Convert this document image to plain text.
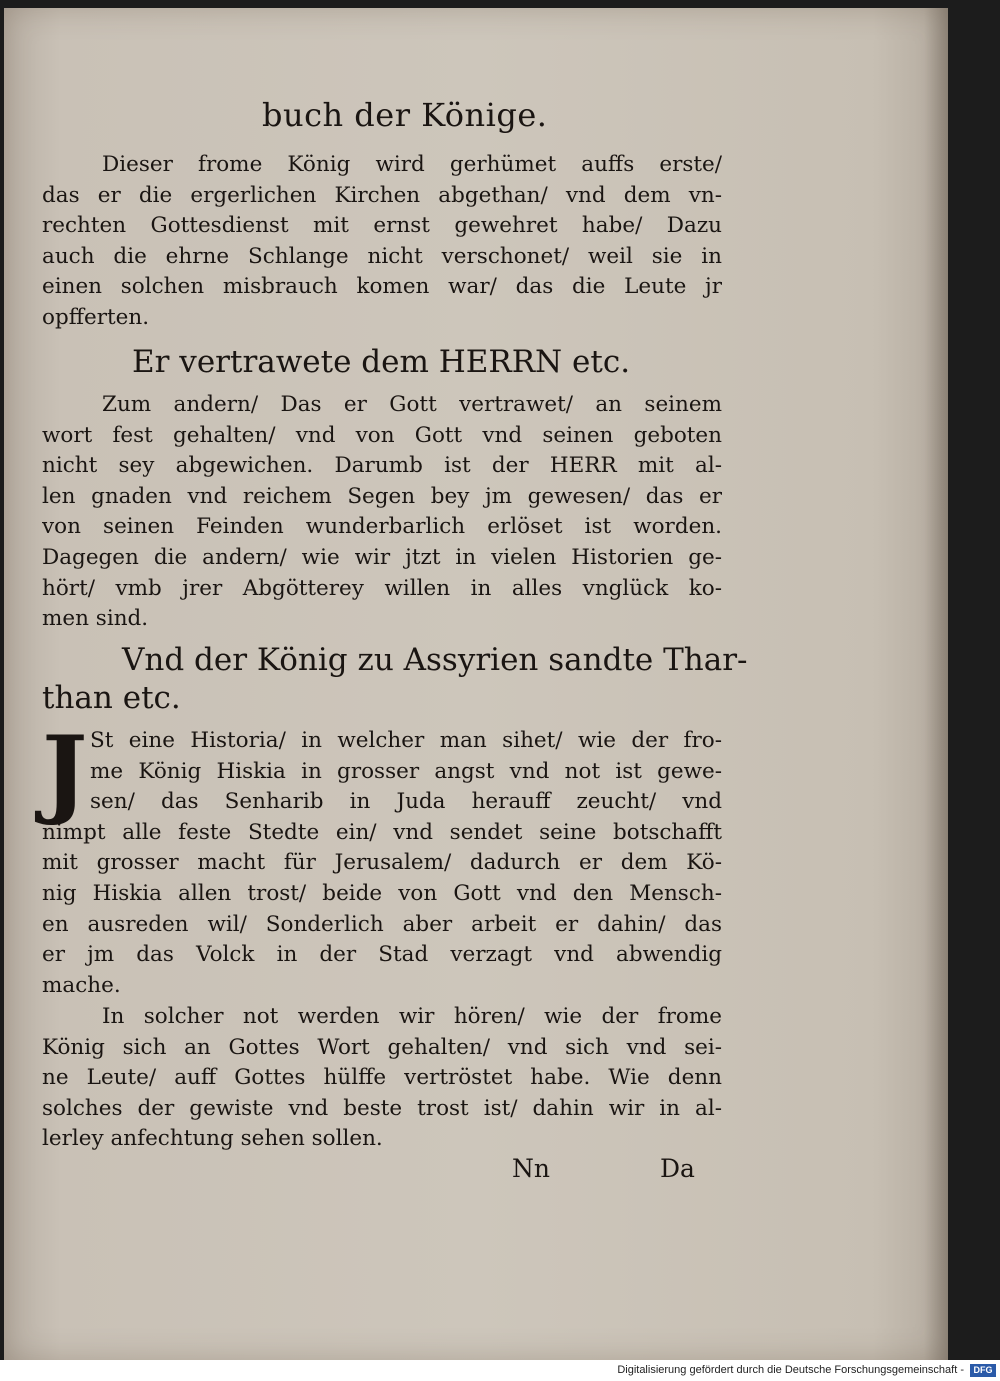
buch der Könige.

Dieser frome König wird gerhümet auffs erste/
das er die ergerlichen Kirchen abgethan/ vnd dem vn-
rechten Gottesdienst mit ernst gewehret habe/ Dazu
auch die ehrne Schlange nicht verschonet/ weil sie in
einen solchen misbrauch komen war/ das die Leute jr
opfferten.

Er vertrawete dem HERRN etc.

Zum andern/ Das er Gott vertrawet/ an seinem
wort fest gehalten/ vnd von Gott vnd seinen geboten
nicht sey abgewichen. Darumb ist der HERR mit al-
len gnaden vnd reichem Segen bey jm gewesen/ das er
von seinen Feinden wunderbarlich erlöset ist worden.
Dagegen die andern/ wie wir jtzt in vielen Historien ge-
hört/ vmb jrer Abgötterey willen in alles vnglück ko-
men sind.

Vnd der König zu Assyrien sandte Thar-
than etc.
J St eine Historia/ in welcher man sihet/ wie der fro-
me König Hiskia in grosser angst vnd not ist gewe-
sen/ das Senharib in Juda herauff zeucht/ vnd
nimpt alle feste Stedte ein/ vnd sendet seine botschafft
mit grosser macht für Jerusalem/ dadurch er dem Kö-
nig Hiskia allen trost/ beide von Gott vnd den Mensch-
en ausreden wil/ Sonderlich aber arbeit er dahin/ das
er jm das Volck in der Stad verzagt vnd abwendig
mache.

In solcher not werden wir hören/ wie der frome
König sich an Gottes Wort gehalten/ vnd sich vnd sei-
ne Leute/ auff Gottes hülffe vertröstet habe. Wie denn
solches der gewiste vnd beste trost ist/ dahin wir in al-
lerley anfechtung sehen sollen.

Nn	Da
Digitalisierung gefördert durch die Deutsche Forschungsgemeinschaft -	DFG
